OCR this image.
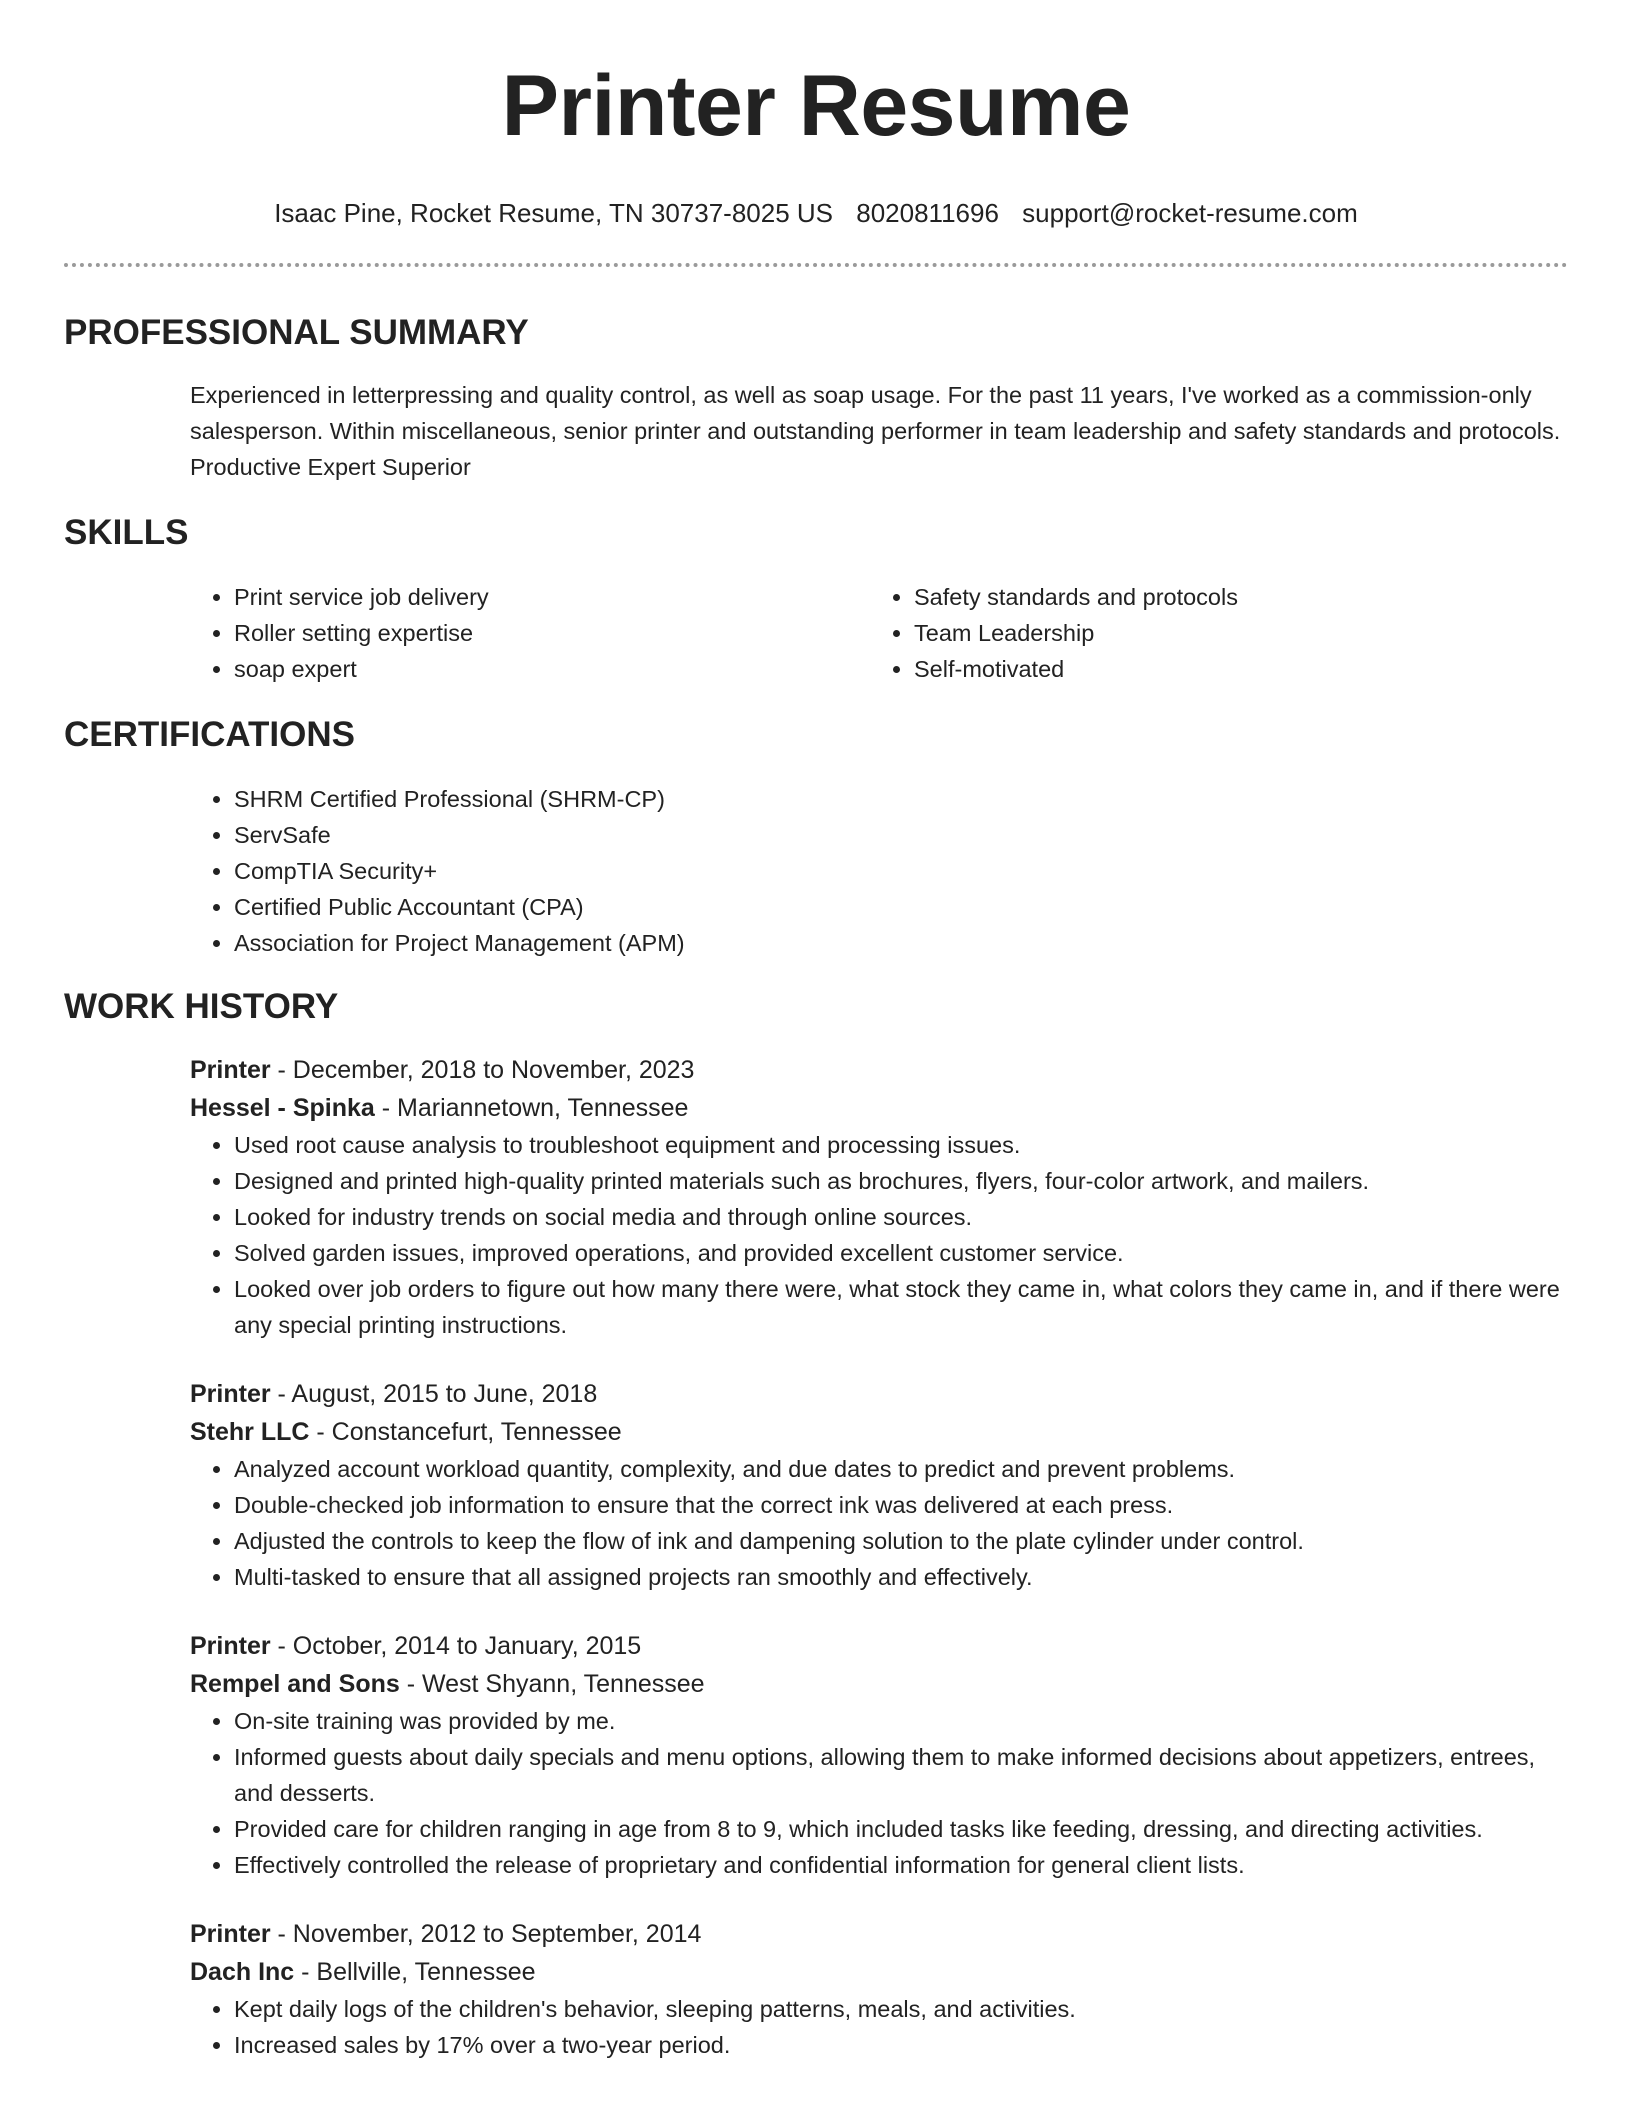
Printer Resume
Isaac Pine, Rocket Resume, TN 30737-8025 US 8020811696 support@rocket-resume.com
PROFESSIONAL SUMMARY

Experienced in letterpressing and quality control, as well as soap usage. For the past 11 years, I've worked as a commission-only salesperson. Within miscellaneous, senior printer and outstanding performer in team leadership and safety standards and protocols. Productive Expert Superior

SKILLS
• Print service job delivery
• Roller setting expertise
• soap expert
• Safety standards and protocols
• Team Leadership
• Self-motivated
CERTIFICATIONS
• SHRM Certified Professional (SHRM-CP)
• ServSafe
• CompTIA Security+
• Certified Public Accountant (CPA)
• Association for Project Management (APM)
WORK HISTORY
Printer - December, 2018 to November, 2023
Hessel - Spinka - Mariannetown, Tennessee
• Used root cause analysis to troubleshoot equipment and processing issues.
• Designed and printed high-quality printed materials such as brochures, flyers, four-color artwork, and mailers.
• Looked for industry trends on social media and through online sources.
• Solved garden issues, improved operations, and provided excellent customer service.
• Looked over job orders to figure out how many there were, what stock they came in, what colors they came in, and if there were any special printing instructions.
Printer - August, 2015 to June, 2018
Stehr LLC - Constancefurt, Tennessee
• Analyzed account workload quantity, complexity, and due dates to predict and prevent problems.
• Double-checked job information to ensure that the correct ink was delivered at each press.
• Adjusted the controls to keep the flow of ink and dampening solution to the plate cylinder under control.
• Multi-tasked to ensure that all assigned projects ran smoothly and effectively.
Printer - October, 2014 to January, 2015
Rempel and Sons - West Shyann, Tennessee
• On-site training was provided by me.
• Informed guests about daily specials and menu options, allowing them to make informed decisions about appetizers, entrees, and desserts.
• Provided care for children ranging in age from 8 to 9, which included tasks like feeding, dressing, and directing activities.
• Effectively controlled the release of proprietary and confidential information for general client lists.
Printer - November, 2012 to September, 2014
Dach Inc - Bellville, Tennessee
• Kept daily logs of the children's behavior, sleeping patterns, meals, and activities.
• Increased sales by 17% over a two-year period.
